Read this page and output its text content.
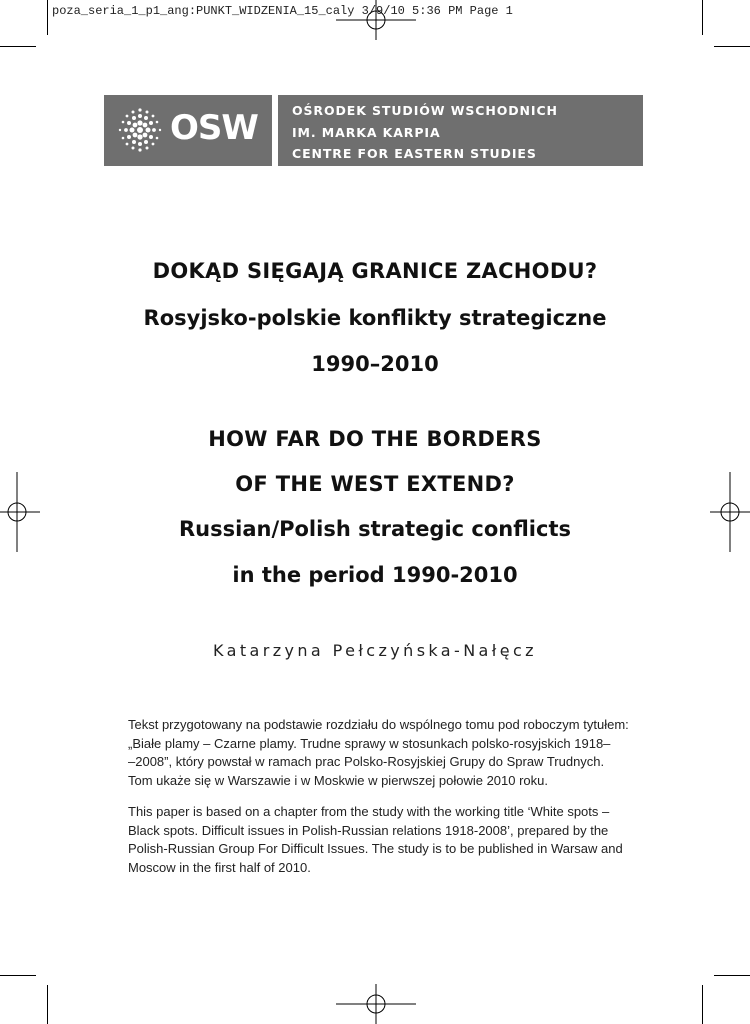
poza_seria_1_p1_ang:PUNKT_WIDZENIA_15_caly 3/9/10 5:36 PM Page 1
OSW	OŚRODEK STUDIÓW WSCHODNICH
IM. MARKA KARPIA
CENTRE FOR EASTERN STUDIES
DOKĄD SIĘGAJĄ GRANICE ZACHODU?
Rosyjsko-polskie konflikty strategiczne
1990–2010
HOW FAR DO THE BORDERS
OF THE WEST EXTEND?
Russian/Polish strategic conflicts
in the period 1990-2010
Katarzyna Pełczyńska-Nałęcz
Tekst przygotowany na podstawie rozdziału do wspólnego tomu pod roboczym tytułem:
„Białe plamy – Czarne plamy. Trudne sprawy w stosunkach polsko-rosyjskich 1918–
–2008”, który powstał w ramach prac Polsko-Rosyjskiej Grupy do Spraw Trudnych.
Tom ukaże się w Warszawie i w Moskwie w pierwszej połowie 2010 roku.
This paper is based on a chapter from the study with the working title ‘White spots –
Black spots. Difficult issues in Polish-Russian relations 1918-2008’, prepared by the
Polish-Russian Group For Difficult Issues. The study is to be published in Warsaw and
Moscow in the first half of 2010.
